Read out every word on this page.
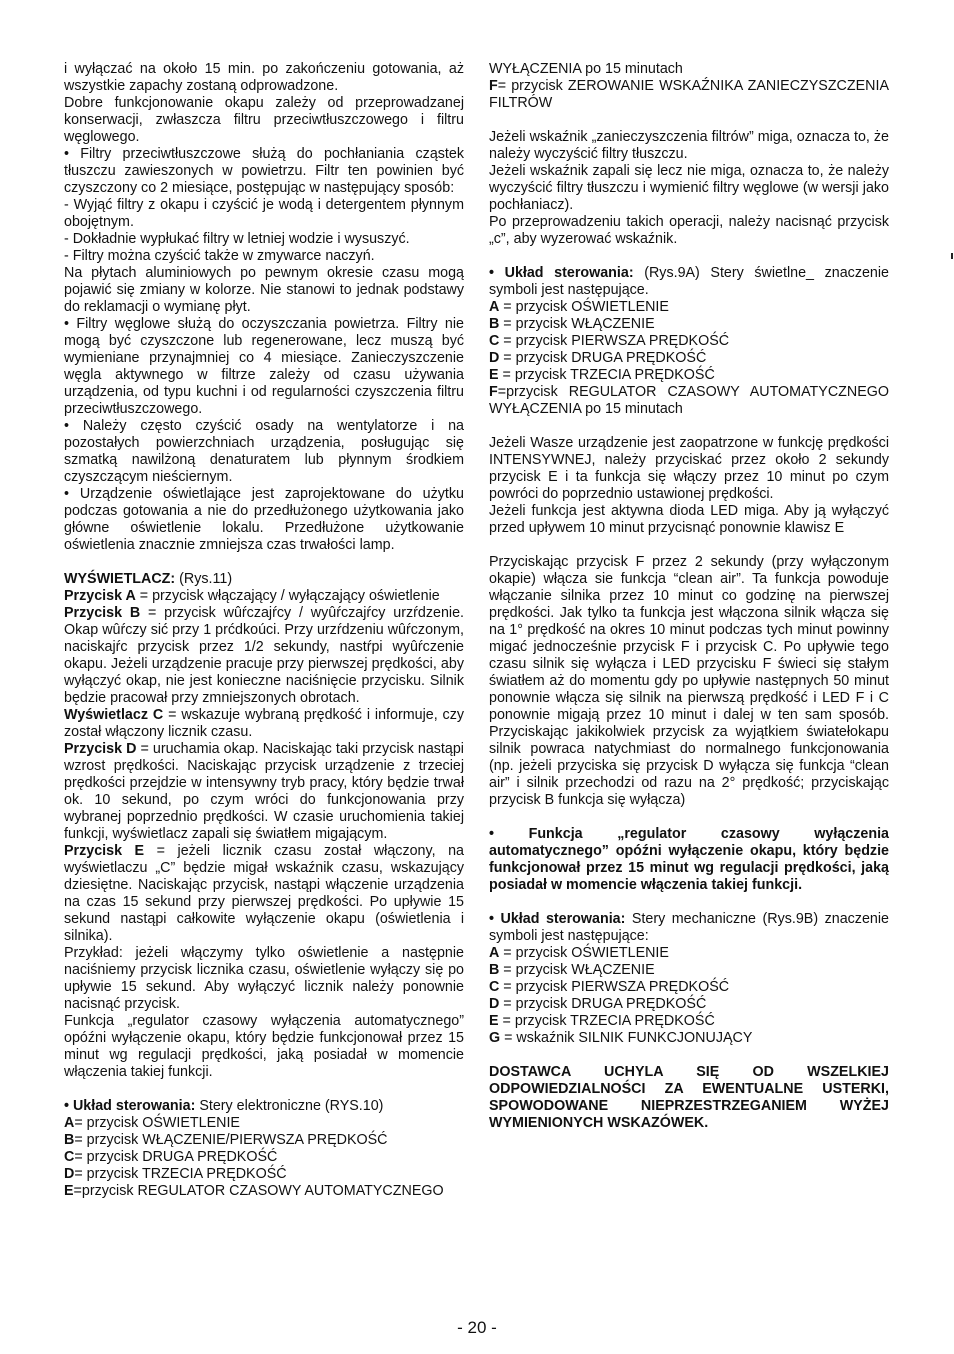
i wyłączać na około 15 min. po zakończeniu gotowania, aż wszystkie zapachy zostaną odprowadzone.

Dobre funkcjonowanie okapu zależy od przeprowadzanej konserwacji, zwłaszcza filtru przeciwtłuszczowego i filtru węglowego.

• Filtry przeciwtłuszczowe służą do pochłaniania cząstek tłuszczu zawieszonych w powietrzu. Filtr ten powinien być czyszczony co 2 miesiące, postępując w następujący sposób:

- Wyjąć filtry z okapu i czyścić je wodą i detergentem płynnym obojętnym.

- Dokładnie wypłukać filtry w letniej wodzie i wysuszyć.

- Filtry można czyścić także w zmywarce naczyń.

Na płytach aluminiowych po pewnym okresie czasu mogą pojawić się zmiany w kolorze. Nie stanowi to jednak podstawy do reklamacji o wymianę płyt.

• Filtry węglowe służą do oczyszczania powietrza. Filtry nie mogą być czyszczone lub regenerowane, lecz muszą być wymieniane przynajmniej co 4 miesiące. Zanieczyszczenie węgla aktywnego w filtrze zależy od czasu używania urządzenia, od typu kuchni i od regularności czyszczenia filtru przeciwtłuszczowego.

• Należy często czyścić osady na wentylatorze i na pozostałych powierzchniach urządzenia, posługując się szmatką nawilżoną denaturatem lub płynnym środkiem czyszczącym nieściernym.

• Urządzenie oświetlające jest zaprojektowane do użytku podczas gotowania a nie do przedłużonego użytkowania jako główne oświetlenie lokalu. Przedłużone użytkowanie oświetlenia znacznie zmniejsza czas trwałości lamp.

WYŚWIETLACZ: (Rys.11)

Przycisk A = przycisk włączający / wyłączający oświetlenie

Przycisk B = przycisk wûŕczajŕcy / wyûŕczajŕcy urzŕdzenie. Okap wûŕczy sić przy 1 prćdkoúci. Przy urzŕdzeniu wûŕczonym, naciskajŕc przycisk przez 1/2 sekundy, nastŕpi wyûŕczenie okapu. Jeżeli urządzenie pracuje przy pierwszej prędkości, aby wyłączyć okap, nie jest konieczne naciśnięcie przycisku. Silnik będzie pracował przy zmniejszonych obrotach.

Wyświetlacz C = wskazuje wybraną prędkość i informuje, czy został włączony licznik czasu.

Przycisk D = uruchamia okap. Naciskając taki przycisk nastąpi wzrost prędkości. Naciskając przycisk urządzenie z trzeciej prędkości przejdzie w intensywny tryb pracy, który będzie trwał ok. 10 sekund, po czym wróci do funkcjonowania przy wybranej poprzednio prędkości. W czasie uruchomienia takiej funkcji, wyświetlacz zapali się światłem migającym.

Przycisk E = jeżeli licznik czasu został włączony, na wyświetlaczu „C” będzie migał wskaźnik czasu, wskazujący dziesiętne. Naciskając przycisk, nastąpi włączenie urządzenia na czas 15 sekund przy pierwszej prędkości. Po upływie 15 sekund nastąpi całkowite wyłączenie okapu (oświetlenia i silnika).

Przykład: jeżeli włączymy tylko oświetlenie a następnie naciśniemy przycisk licznika czasu, oświetlenie wyłączy się po upływie 15 sekund. Aby wyłączyć licznik należy ponownie nacisnąć przycisk.

Funkcja „regulator czasowy wyłączenia automatycznego” opóźni wyłączenie okapu, który będzie funkcjonował przez 15 minut wg regulacji prędkości, jaką posiadał w momencie włączenia takiej funkcji.

• Układ sterowania: Stery elektroniczne (RYS.10)

A= przycisk OŚWIETLENIE

B= przycisk WŁĄCZENIE/PIERWSZA PRĘDKOŚĆ

C= przycisk DRUGA PRĘDKOŚĆ

D= przycisk TRZECIA PRĘDKOŚĆ

E=przycisk REGULATOR CZASOWY AUTOMATYCZNEGO

WYŁĄCZENIA po 15 minutach

F= przycisk ZEROWANIE WSKAŹNIKA ZANIECZYSZCZENIA FILTRÓW

Jeżeli wskaźnik „zanieczyszczenia filtrów” miga, oznacza to, że należy wyczyścić filtry tłuszczu.

Jeżeli wskaźnik zapali się lecz nie miga, oznacza to, że należy wyczyścić filtry tłuszczu i wymienić filtry węglowe (w wersji jako pochłaniacz).

Po przeprowadzeniu takich operacji, należy nacisnąć przycisk „c”, aby wyzerować wskaźnik.

• Układ sterowania: (Rys.9A) Stery świetlne_ znaczenie symboli jest następujące.

A = przycisk OŚWIETLENIE

B = przycisk WŁĄCZENIE

C = przycisk PIERWSZA PRĘDKOŚĆ

D = przycisk DRUGA PRĘDKOŚĆ

E = przycisk TRZECIA PRĘDKOŚĆ

F=przycisk REGULATOR CZASOWY AUTOMATYCZNEGO WYŁĄCZENIA po 15 minutach

Jeżeli Wasze urządzenie jest zaopatrzone w funkcję prędkości INTENSYWNEJ, należy przyciskać przez około 2 sekundy przycisk E i ta funkcja się włączy przez 10 minut po czym powróci do poprzednio ustawionej prędkości.

Jeżeli funkcja jest aktywna dioda LED miga. Aby ją wyłączyć przed upływem 10 minut przycisnąć ponownie klawisz E

Przyciskając przycisk F przez 2 sekundy (przy wyłączonym okapie) włącza sie funkcja “clean air”. Ta funkcja powoduje włączanie silnika przez 10 minut co godzinę na pierwszej prędkości. Jak tylko ta funkcja jest włączona silnik włącza się na 1° prędkość na okres 10 minut podczas tych minut powinny migać jednocześnie przycisk F i przycisk C. Po upływie tego czasu silnik się wyłącza i LED przycisku F świeci się stałym światłem aż do momentu gdy po upływie następnych 50 minut ponownie włącza się silnik na pierwszą prędkość i LED F i C ponownie migają przez 10 minut i dalej w ten sam sposób. Przyciskając jakikolwiek przycisk za wyjątkiem światełokapu silnik powraca natychmiast do normalnego funkcjonowania (np. jeżeli przyciska się przycisk D wyłącza się funkcja “clean air” i silnik przechodzi od razu na 2° prędkość; przyciskając przycisk B funkcja się wyłącza)

• Funkcja „regulator czasowy wyłączenia automatycznego” opóźni wyłączenie okapu, który będzie funkcjonował przez 15 minut wg regulacji prędkości, jaką posiadał w momencie włączenia takiej funkcji.

• Układ sterowania: Stery mechaniczne (Rys.9B) znaczenie symboli jest następujące:

A = przycisk OŚWIETLENIE

B = przycisk WŁĄCZENIE

C = przycisk PIERWSZA PRĘDKOŚĆ

D = przycisk DRUGA PRĘDKOŚĆ

E = przycisk TRZECIA PRĘDKOŚĆ

G = wskaźnik SILNIK FUNKCJONUJĄCY

DOSTAWCA UCHYLA SIĘ OD WSZELKIEJ ODPOWIEDZIALNOŚCI ZA EWENTUALNE USTERKI, SPOWODOWANE NIEPRZESTRZEGANIEM WYŻEJ WYMIENIONYCH WSKAZÓWEK.

- 20 -
